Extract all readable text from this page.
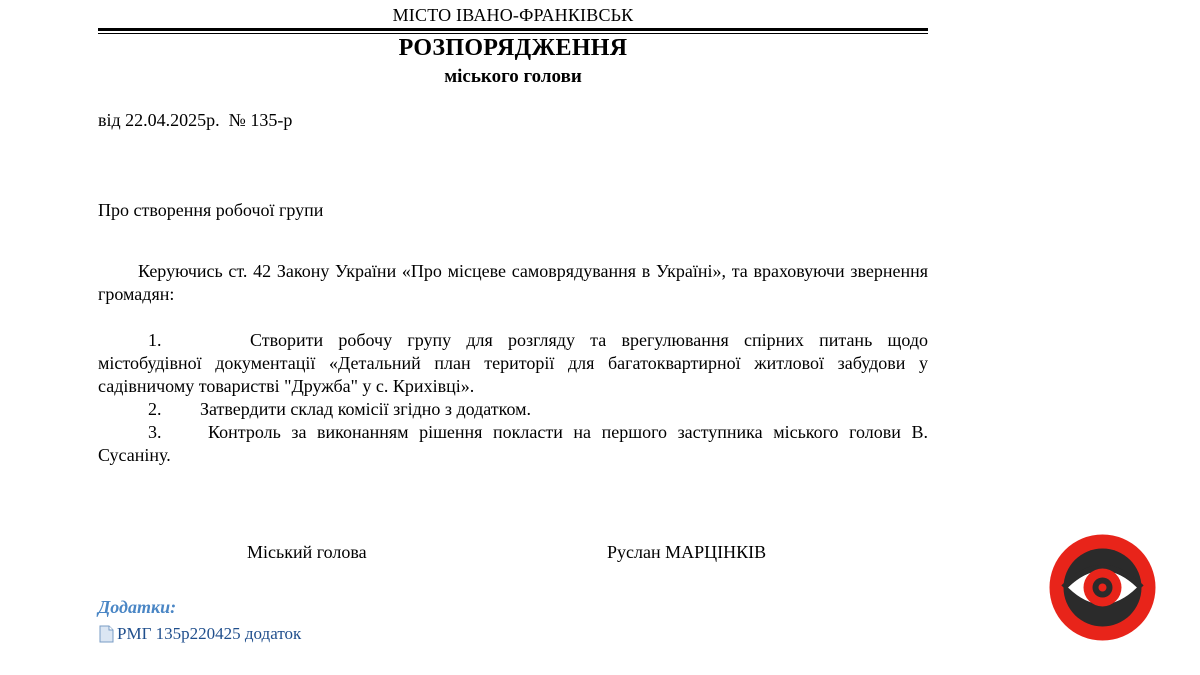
МІСТО ІВАНО-ФРАНКІВСЬК
РОЗПОРЯДЖЕННЯ
міського голови
від 22.04.2025р.  № 135-р
Про створення робочої групи
Керуючись ст. 42 Закону України «Про місцеве самоврядування в Україні», та враховуючи звернення громадян:
1.	Створити робочу групу для розгляду та врегулювання спірних питань щодо містобудівної документації «Детальний план території для багатоквартирної житлової забудови у садівничому товаристві "Дружба" у с. Крихівці».
2. Затвердити склад комісії згідно з додатком.
3.	Контроль за виконанням рішення покласти на першого заступника міського голови В. Сусаніну.
Міський голова	Руслан МАРЦІНКІВ
Додатки:
РМГ 135р220425 додаток
